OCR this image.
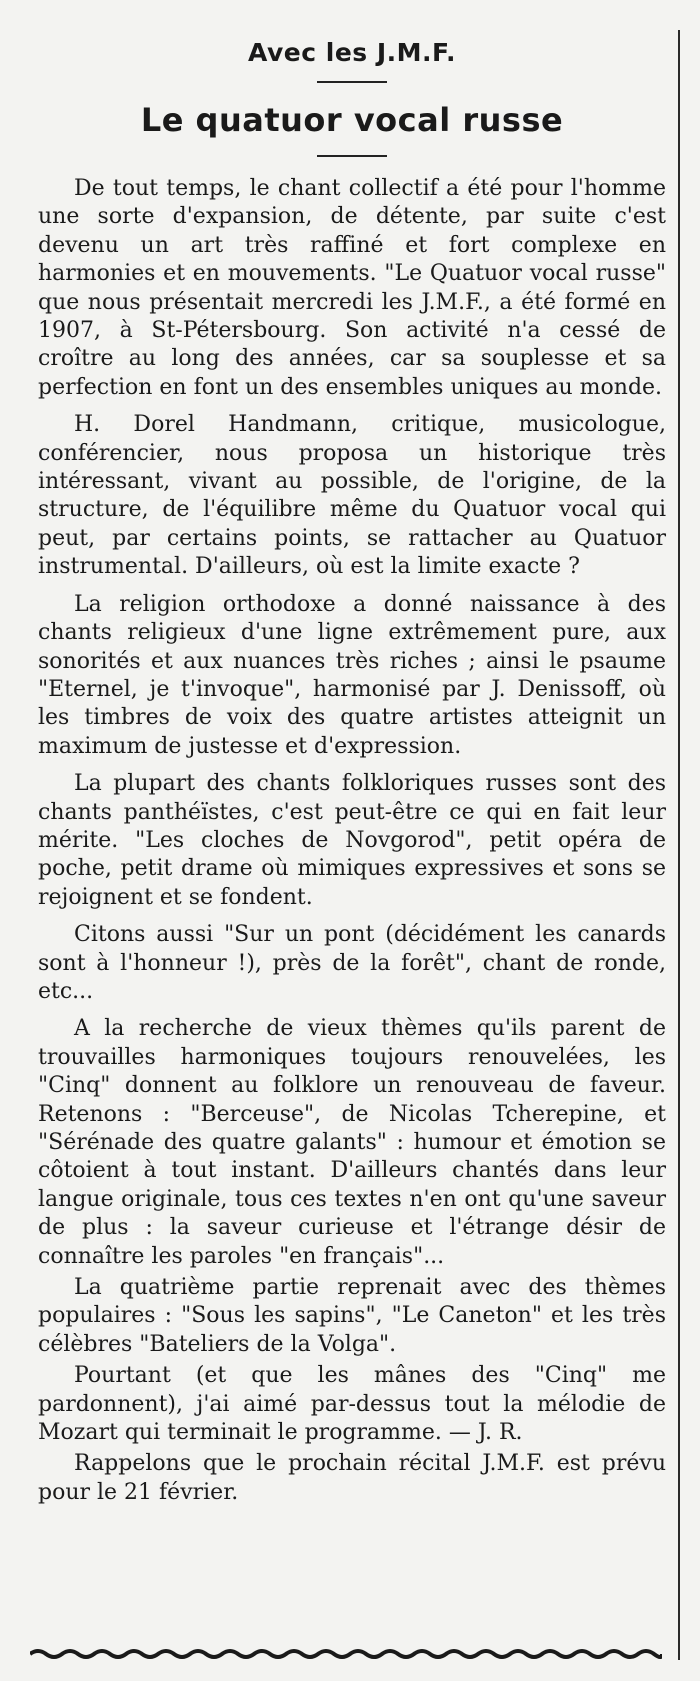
Avec les J.M.F.
Le quatuor vocal russe

De tout temps, le chant collectif a été pour l'homme une sorte d'expansion, de détente, par suite c'est devenu un art très raffiné et fort complexe en harmonies et en mouvements. "Le Quatuor vocal russe" que nous présentait mercredi les J.M.F., a été formé en 1907, à St-Pétersbourg. Son activité n'a cessé de croître au long des années, car sa souplesse et sa perfection en font un des ensembles uniques au monde.

H. Dorel Handmann, critique, musicologue, conférencier, nous proposa un historique très intéressant, vivant au possible, de l'origine, de la structure, de l'équilibre même du Quatuor vocal qui peut, par certains points, se rattacher au Quatuor instrumental. D'ailleurs, où est la limite exacte ?

La religion orthodoxe a donné naissance à des chants religieux d'une ligne extrêmement pure, aux sonorités et aux nuances très riches ; ainsi le psaume "Eternel, je t'invoque", harmonisé par J. Denissoff, où les timbres de voix des quatre artistes atteignit un maximum de justesse et d'expression.

La plupart des chants folkloriques russes sont des chants panthéïstes, c'est peut-être ce qui en fait leur mérite. "Les cloches de Novgorod", petit opéra de poche, petit drame où mimiques expressives et sons se rejoignent et se fondent.

Citons aussi "Sur un pont (décidément les canards sont à l'honneur !), près de la forêt", chant de ronde, etc...

A la recherche de vieux thèmes qu'ils parent de trouvailles harmoniques toujours renouvelées, les "Cinq" donnent au folklore un renouveau de faveur. Retenons : "Berceuse", de Nicolas Tcherepine, et "Sérénade des quatre galants" : humour et émotion se côtoient à tout instant. D'ailleurs chantés dans leur langue originale, tous ces textes n'en ont qu'une saveur de plus : la saveur curieuse et l'étrange désir de connaître les paroles "en français"...

La quatrième partie reprenait avec des thèmes populaires : "Sous les sapins", "Le Caneton" et les très célèbres "Bateliers de la Volga".

Pourtant (et que les mânes des "Cinq" me pardonnent), j'ai aimé par-dessus tout la mélodie de Mozart qui terminait le programme. — J. R.

Rappelons que le prochain récital J.M.F. est prévu pour le 21 février.
